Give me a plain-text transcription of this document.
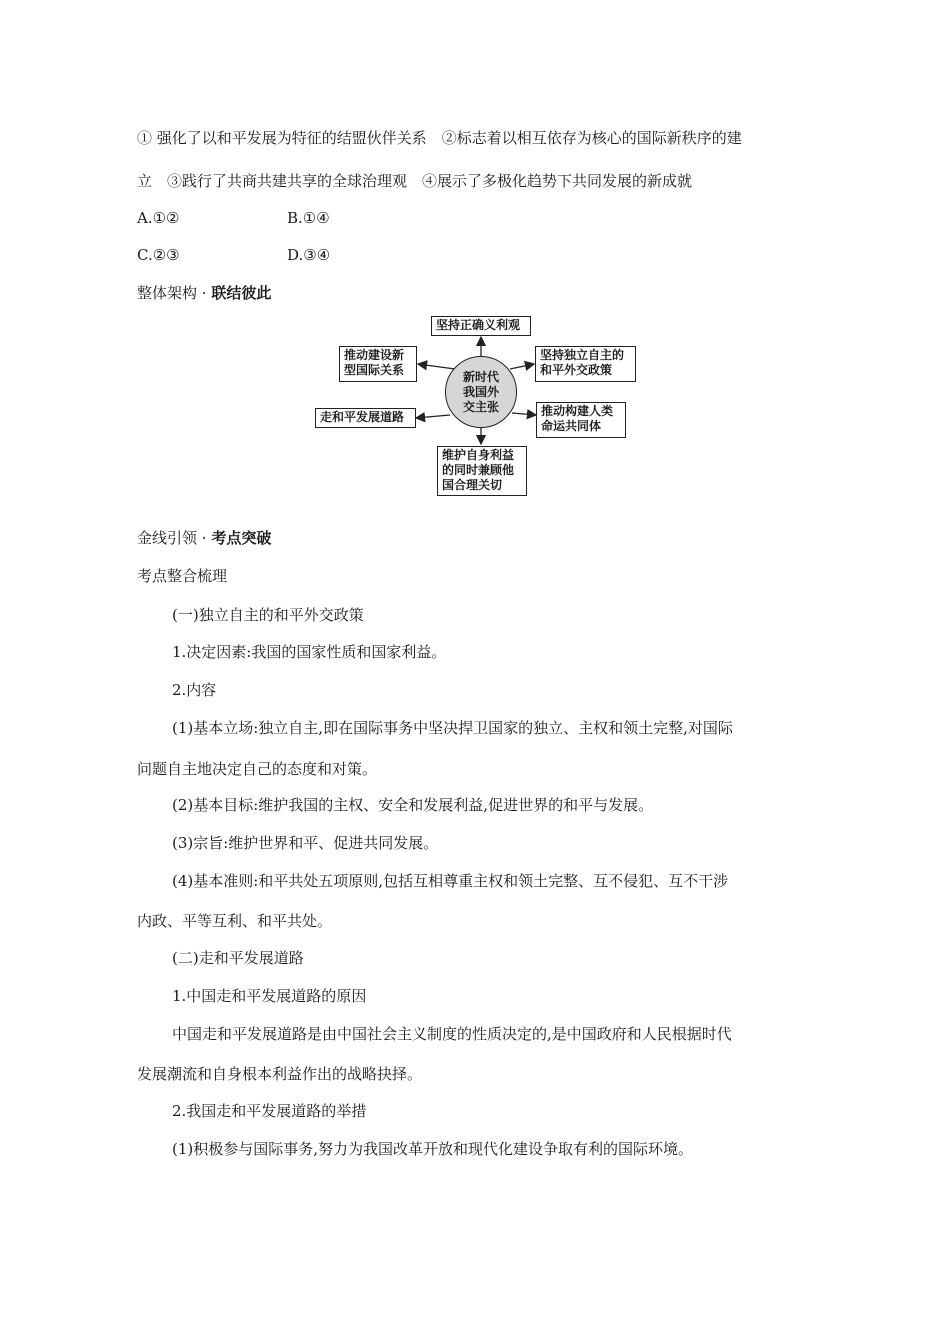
① 强化了以和平发展为特征的结盟伙伴关系　②标志着以相互依存为核心的国际新秩序的建
立　③践行了共商共建共享的全球治理观　④展示了多极化趋势下共同发展的新成就
A.①②	B.①④
C.②③	D.③④
整体架构 · 联结彼此
坚持正确义利观
推动建设新型国际关系
坚持独立自主的和平外交政策
走和平发展道路	推动构建人类命运共同体
维护自身利益的同时兼顾他国合理关切
新时代我国外交主张
金线引领 · 考点突破
考点整合梳理
(一)独立自主的和平外交政策
1.决定因素:我国的国家性质和国家利益。
2.内容
(1)基本立场:独立自主,即在国际事务中坚决捍卫国家的独立、主权和领土完整,对国际
问题自主地决定自己的态度和对策。
(2)基本目标:维护我国的主权、安全和发展利益,促进世界的和平与发展。
(3)宗旨:维护世界和平、促进共同发展。
(4)基本准则:和平共处五项原则,包括互相尊重主权和领土完整、互不侵犯、互不干涉
内政、平等互利、和平共处。
(二)走和平发展道路
1.中国走和平发展道路的原因
中国走和平发展道路是由中国社会主义制度的性质决定的,是中国政府和人民根据时代
发展潮流和自身根本利益作出的战略抉择。
2.我国走和平发展道路的举措
(1)积极参与国际事务,努力为我国改革开放和现代化建设争取有利的国际环境。
